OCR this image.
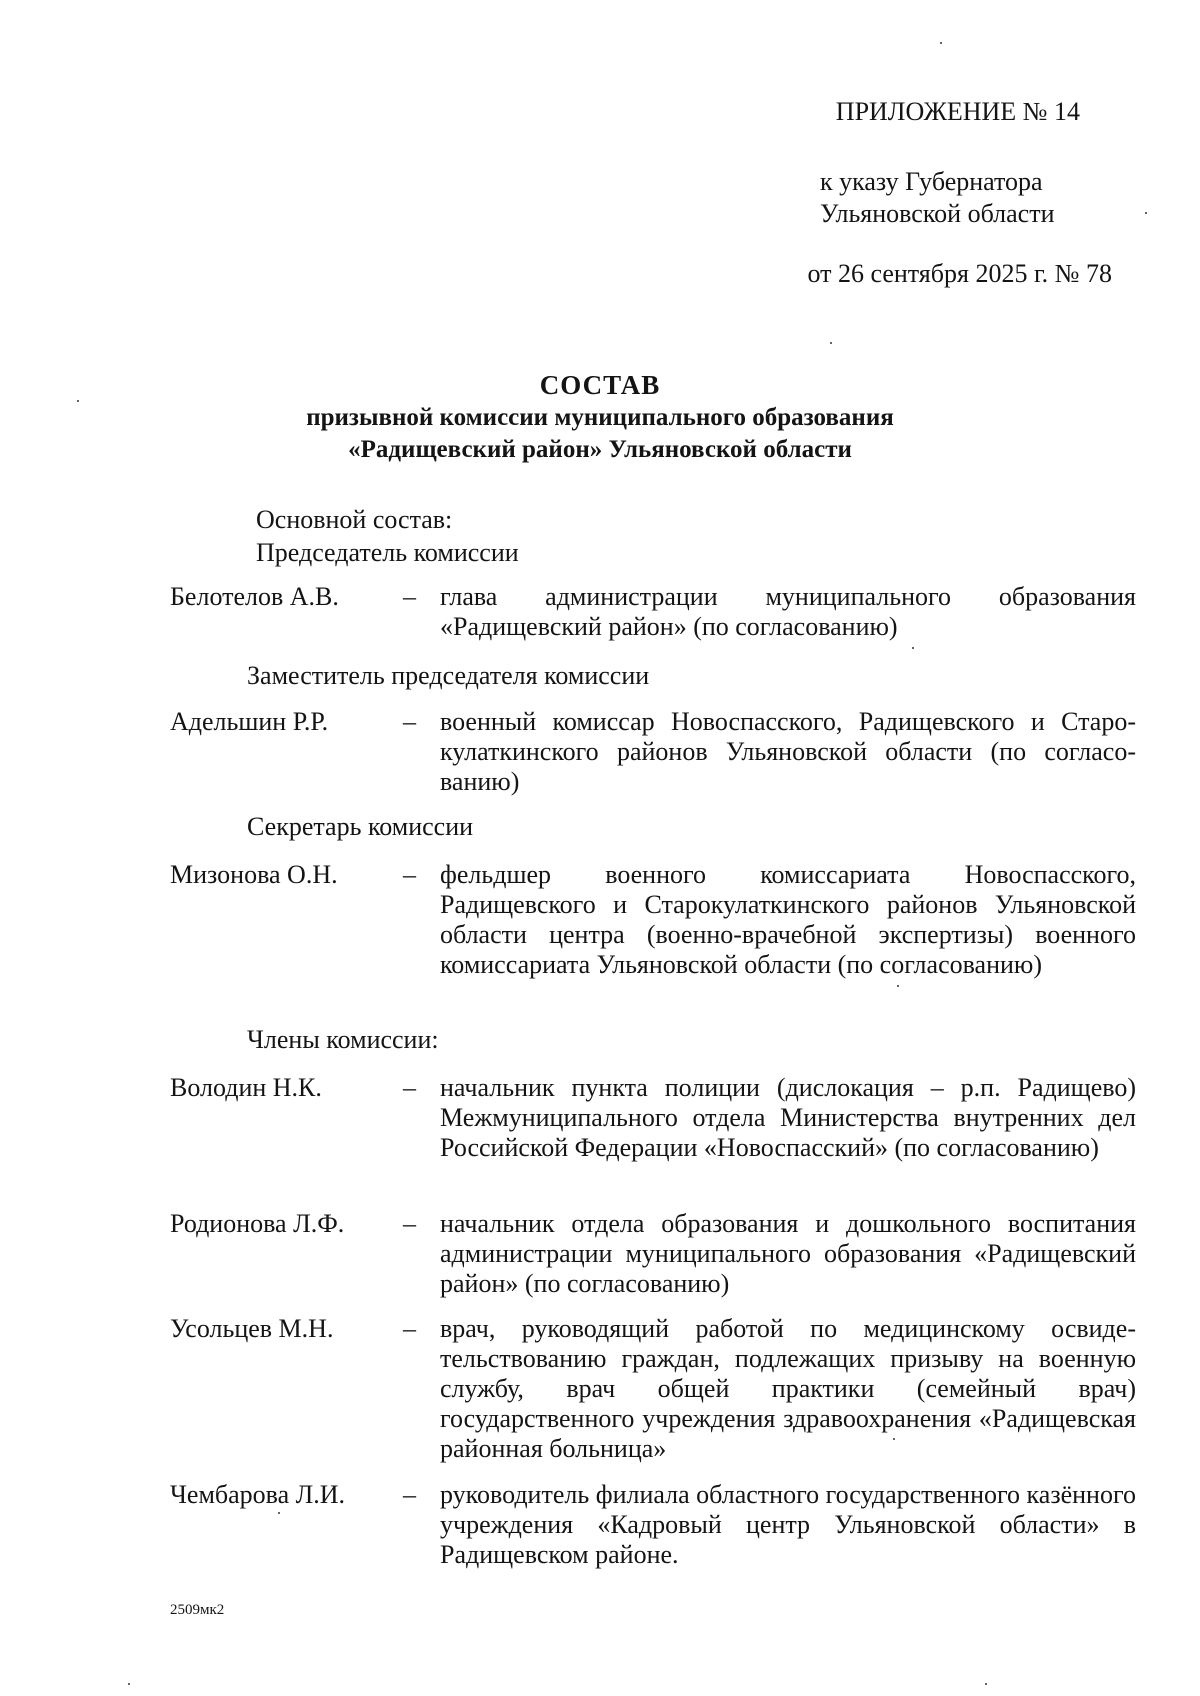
ПРИЛОЖЕНИЕ № 14
к указу Губернатора
Ульяновской области
от 26 сентября 2025 г. № 78
СОСТАВ
призывной комиссии муниципального образования
«Радищевский район» Ульяновской области
Основной состав:
Председатель комиссии
Белотелов А.В. – глава администрации муниципального образования «Радищевский район» (по согласованию)
Заместитель председателя комиссии
Адельшин Р.Р.	– военный комиссар Новоспасского, Радищевского и Старокулаткинского районов Ульяновской области (по согласованию)
Секретарь комиссии
Мизонова О.Н.	– фельдшер военного комиссариата Новоспасского, Радищевского и Старокулаткинского районов Ульяновской области центра (военно-врачебной экспертизы) военного комиссариата Ульяновской области (по согласованию)
Члены комиссии:
Володин Н.К.	– начальник пункта полиции (дислокация – р.п. Радищево) Межмуниципального отдела Министерства внутренних дел Российской Федерации «Новоспасский» (по согласованию)
Родионова Л.Ф. – начальник отдела образования и дошкольного воспитания администрации муниципального образования «Радищевский район» (по согласованию)
Усольцев М.Н.	– врач, руководящий работой по медицинскому освидетельствованию граждан, подлежащих призыву на военную службу, врач общей практики (семейный врач) государственного учреждения здравоохранения «Радищевская районная больница»
Чембарова Л.И. – руководитель филиала областного государственного казённого учреждения «Кадровый центр Ульяновской области» в Радищевском районе.
2509мк2
